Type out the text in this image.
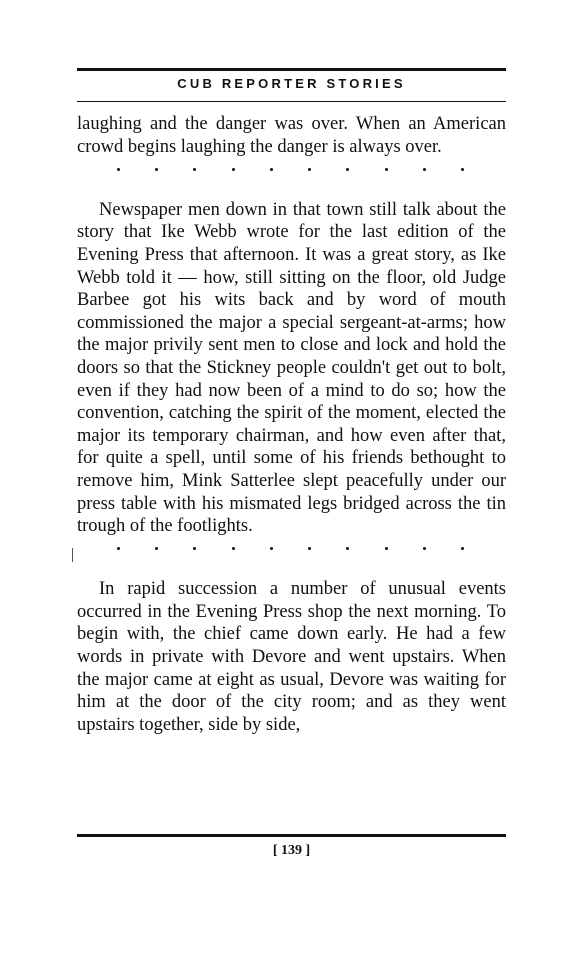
CUB REPORTER STORIES

laughing and the danger was over. When an American crowd begins laughing the danger is always over.

Newspaper men down in that town still talk about the story that Ike Webb wrote for the last edition of the Evening Press that afternoon. It was a great story, as Ike Webb told it — how, still sitting on the floor, old Judge Barbee got his wits back and by word of mouth commissioned the major a special sergeant-at-arms; how the major privily sent men to close and lock and hold the doors so that the Stickney people couldn't get out to bolt, even if they had now been of a mind to do so; how the convention, catching the spirit of the moment, elected the major its temporary chairman, and how even after that, for quite a spell, until some of his friends bethought to remove him, Mink Satterlee slept peacefully under our press table with his mismated legs bridged across the tin trough of the footlights.

In rapid succession a number of unusual events occurred in the Evening Press shop the next morning. To begin with, the chief came down early. He had a few words in private with Devore and went upstairs. When the major came at eight as usual, Devore was waiting for him at the door of the city room; and as they went upstairs together, side by side,

[ 139 ]
